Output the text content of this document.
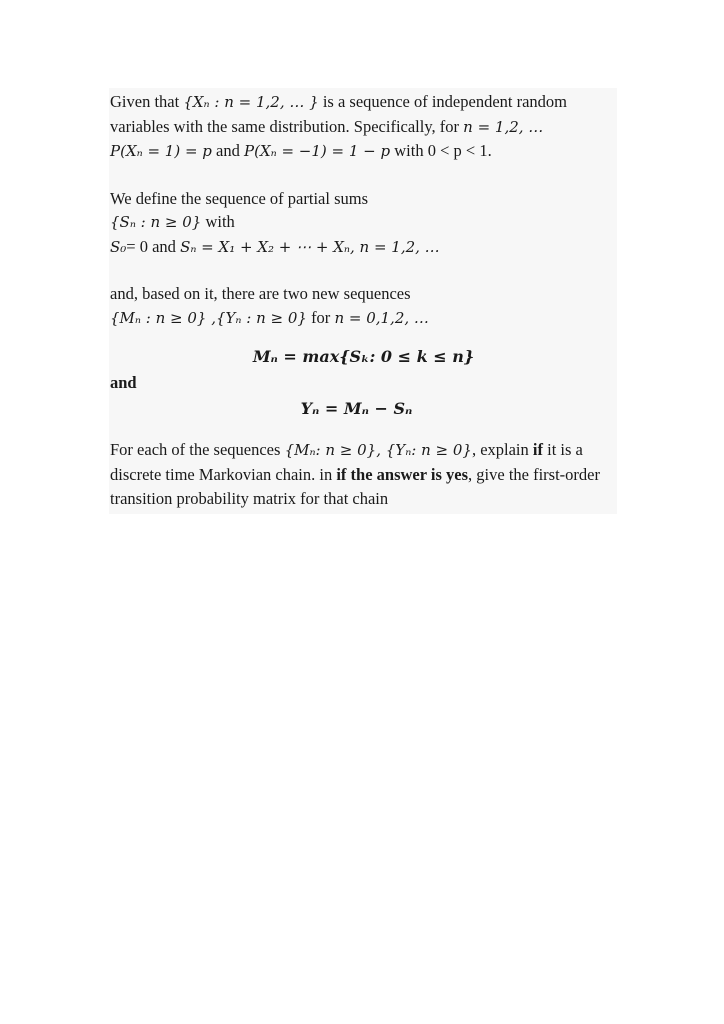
Given that {Xₙ : n = 1,2, … } is a sequence of independent random
variables with the same distribution. Specifically, for n = 1,2, …
P(Xₙ = 1) = p and P(Xₙ = −1) = 1 − p with 0 < p < 1.
We define the sequence of partial sums
{Sₙ : n ≥ 0} with
S₀= 0 and Sₙ = X₁ + X₂ + ⋯ + Xₙ, n = 1,2, …
and, based on it, there are two new sequences
{Mₙ : n ≥ 0} ,{Yₙ : n ≥ 0} for n = 0,1,2, …
Mₙ = max{Sₖ: 0 ≤ k ≤ n}
and
Yₙ = Mₙ − Sₙ
For each of the sequences {Mₙ: n ≥ 0}, {Yₙ: n ≥ 0}, explain if it is a discrete time Markovian chain. in if the answer is yes, give the first-order transition probability matrix for that chain
